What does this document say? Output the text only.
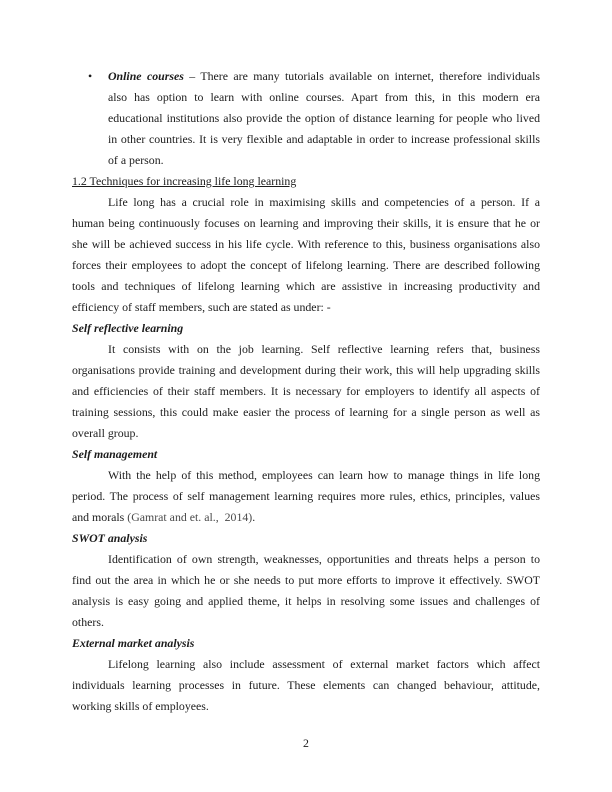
• Online courses – There are many tutorials available on internet, therefore individuals
also has option to learn with online courses. Apart from this, in this modern era
educational institutions also provide the option of distance learning for people who lived
in other countries. It is very flexible and adaptable in order to increase professional skills
of a person.
1.2 Techniques for increasing life long learning
Life long has a crucial role in maximising skills and competencies of a person. If a
human being continuously focuses on learning and improving their skills, it is ensure that he or
she will be achieved success in his life cycle. With reference to this, business organisations also
forces their employees to adopt the concept of lifelong learning. There are described following
tools and techniques of lifelong learning which are assistive in increasing productivity and
efficiency of staff members, such are stated as under: -
Self reflective learning
It consists with on the job learning. Self reflective learning refers that, business
organisations provide training and development during their work, this will help upgrading skills
and efficiencies of their staff members. It is necessary for employers to identify all aspects of
training sessions, this could make easier the process of learning for a single person as well as
overall group.
Self management
With the help of this method, employees can learn how to manage things in life long
period. The process of self management learning requires more rules, ethics, principles, values
and morals (Gamrat and et. al.,  2014).
SWOT analysis
Identification of own strength, weaknesses, opportunities and threats helps a person to
find out the area in which he or she needs to put more efforts to improve it effectively. SWOT
analysis is easy going and applied theme, it helps in resolving some issues and challenges of
others.
External market analysis
Lifelong learning also include assessment of external market factors which affect
individuals learning processes in future. These elements can changed behaviour, attitude,
working skills of employees.
2
